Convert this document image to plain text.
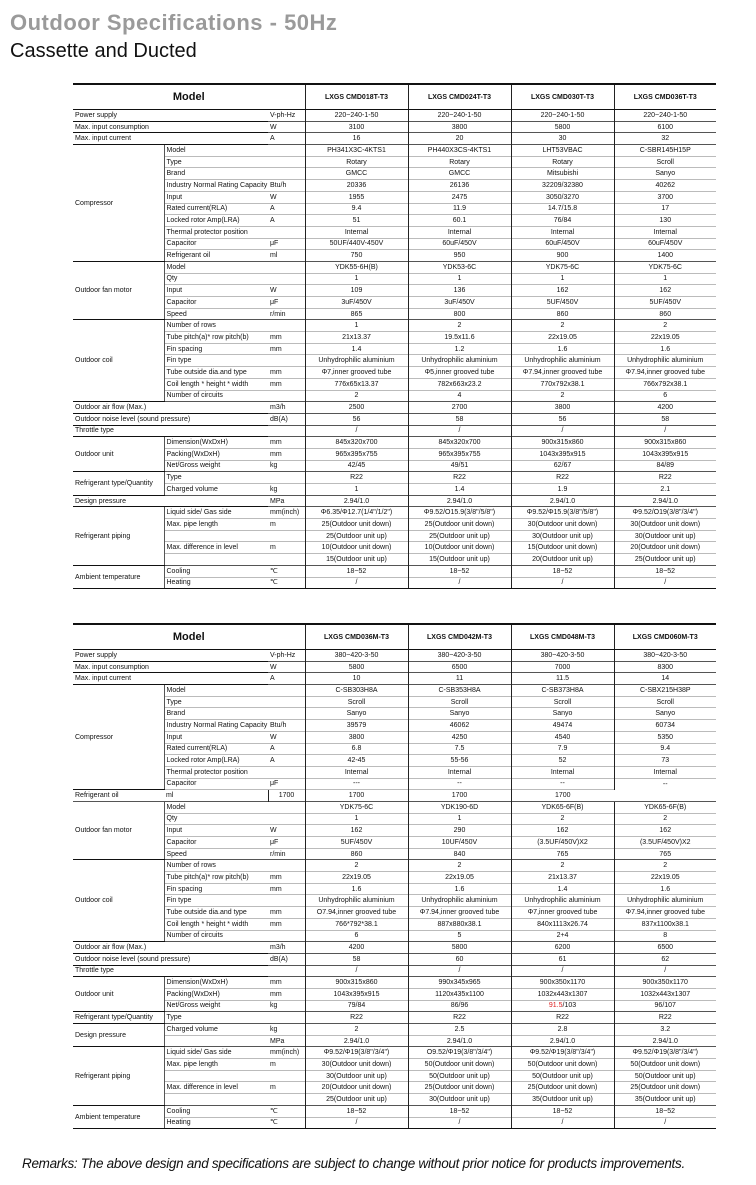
Outdoor Specifications - 50Hz
Cassette and Ducted
Model			LXGS CMD018T-T3	LXGS CMD024T-T3	LXGS CMD030T-T3	LXGS CMD036T-T3
Power supply		V-ph-Hz	220~240-1-50	220~240-1-50	220~240-1-50	220~240-1-50
Max. input consumption		W	3100	3800	5800	6100
Max. input current		A	16	20	30	32
Compressor	Model		PH341X3C-4KTS1	PH440X3CS-4KTS1	LHT53VBAC	C-SBR145H15P
	Type		Rotary	Rotary	Rotary	Scroll
	Brand		GMCC	GMCC	Mitsubishi	Sanyo
	Industry Normal Rating Capacity	Btu/h	20336	26136	32209/32380	40262
	Input	W	1955	2475	3050/3270	3700
	Rated current(RLA)	A	9.4	11.9	14.7/15.8	17
	Locked rotor Amp(LRA)	A	51	60.1	76/84	130
	Thermal protector position		Internal	Internal	Internal	Internal
	Capacitor	μF	50UF/440V-450V	60uF/450V	60uF/450V	60uF/450V
	Refrigerant oil	ml	750	950	900	1400
Outdoor fan motor	Model		YDK55-6H(B)	YDK53-6C	YDK75-6C	YDK75-6C
	Qty		1	1	1	1
	Input	W	109	136	162	162
	Capacitor	μF	3uF/450V	3uF/450V	5UF/450V	5UF/450V
	Speed	r/min	865	800	860	860
Outdoor coil	Number of rows		1	2	2	2
	Tube pitch(a)* row pitch(b)	mm	21x13.37	19.5x11.6	22x19.05	22x19.05
	Fin spacing	mm	1.4	1.2	1.6	1.6
	Fin type		Unhydrophilic aluminium	Unhydrophilic aluminium	Unhydrophilic aluminium	Unhydrophilic aluminium
	Tube outside dia.and type	mm	Φ7,inner grooved tube	Φ5,inner grooved tube	Φ7.94,inner grooved tube	Φ7.94,inner grooved tube
	Coil length * height * width	mm	776x65x13.37	782x663x23.2	770x792x38.1	766x792x38.1
	Number of circuits		2	4	2	6
Outdoor air flow (Max.)		m3/h	2500	2700	3800	4200
Outdoor noise level (sound pressure)		dB(A)	56	58	56	58
Throttle type			/	/	/	/
Outdoor unit	Dimension(WxDxH)	mm	845x320x700	845x320x700	900x315x860	900x315x860
	Packing(WxDxH)	mm	965x395x755	965x395x755	1043x395x915	1043x395x915
	Net/Gross weight	kg	42/45	49/51	62/67	84/89
Refrigerant type/Quantity	Type		R22	R22	R22	R22
	Charged volume	kg	1	1.4	1.9	2.1
Design pressure		MPa	2.94/1.0	2.94/1.0	2.94/1.0	2.94/1.0
Refrigerant piping	Liquid side/ Gas side	mm(inch)	Φ6.35/Φ12.7(1/4"/1/2")	Φ9.52/Ο15.9(3/8"/5/8")	Φ9.52/Φ15.9(3/8"/5/8")	Φ9.52/Ο19(3/8"/3/4")
	Max. pipe length	m	25(Outdoor unit down)	25(Outdoor unit down)	30(Outdoor unit down)	30(Outdoor unit down)
			25(Outdoor unit up)	25(Outdoor unit up)	30(Outdoor unit up)	30(Outdoor unit up)
	Max. difference in level	m	10(Outdoor unit down)	10(Outdoor unit down)	15(Outdoor unit down)	20(Outdoor unit down)
			15(Outdoor unit up)	15(Outdoor unit up)	20(Outdoor unit up)	25(Outdoor unit up)
Ambient temperature	Cooling	℃	18~52	18~52	18~52	18~52
	Heating	℃	/	/	/	/
Model			LXGS CMD036M-T3	LXGS CMD042M-T3	LXGS CMD048M-T3	LXGS CMD060M-T3
Power supply		V-ph-Hz	380~420-3-50	380~420-3-50	380~420-3-50	380~420-3-50
Max. input consumption		W	5800	6500	7000	8300
Max. input current		A	10	11	11.5	14
Compressor	Model		C-SB303H8A	C-SB353H8A	C-SB373H8A	C-SBX215H38P
	Type		Scroll	Scroll	Scroll	Scroll
	Brand		Sanyo	Sanyo	Sanyo	Sanyo
	Industry Normal Rating Capacity	Btu/h	39579	46062	49474	60734
	Input	W	3800	4250	4540	5350
	Rated current(RLA)	A	6.8	7.5	7.9	9.4
	Locked rotor Amp(LRA)	A	42-45	55-56	52	73
	Thermal protector position		Internal	Internal	Internal	Internal
	Capacitor	μF	---	--	--	--
Refrigerant oil	ml	1700	1700	1700	1700	
Outdoor fan motor	Model		YDK75-6C	YDK190-6D	YDK65-6F(B)	YDK65-6F(B)
	Qty		1	1	2	2
	Input	W	162	290	162	162
	Capacitor	μF	5UF/450V	10UF/450V	(3.5UF/450V)X2	(3.5UF/450V)X2
	Speed	r/min	860	840	765	765
Outdoor coil	Number of rows		2	2	2	2
	Tube pitch(a)* row pitch(b)	mm	22x19.05	22x19.05	21x13.37	22x19.05
	Fin spacing	mm	1.6	1.6	1.4	1.6
	Fin type		Unhydrophilic aluminium	Unhydrophilic aluminium	Unhydrophilic aluminium	Unhydrophilic aluminium
	Tube outside dia.and type	mm	Ο7.94,inner grooved tube	Φ7.94,inner grooved tube	Φ7,inner grooved tube	Φ7.94,inner grooved tube
	Coil length * height * width	mm	766*792*38.1	887x880x38.1	840x1113x26.74	837x1100x38.1
	Number of circuits		6	5	2+4	8
Outdoor air flow (Max.)		m3/h	4200	5800	6200	6500
Outdoor noise level (sound pressure)		dB(A)	58	60	61	62
Throttle type			/	/	/	/
Outdoor unit	Dimension(WxDxH)	mm	900x315x860	990x345x965	900x350x1170	900x350x1170
	Packing(WxDxH)	mm	1043x395x915	1120x435x1100	1032x443x1307	1032x443x1307
	Net/Gross weight	kg	79/84	86/96	91.5/103	96/107
Refrigerant type/Quantity	Type		R22	R22	R22	R22
Design pressure	Charged volume	kg	2	2.5	2.8	3.2
		MPa	2.94/1.0	2.94/1.0	2.94/1.0	2.94/1.0
Refrigerant piping	Liquid side/ Gas side	mm(inch)	Φ9.52/Φ19(3/8"/3/4")	Ο9.52/Φ19(3/8"/3/4")	Φ9.52/Φ19(3/8"/3/4")	Φ9.52/Φ19(3/8"/3/4")
	Max. pipe length	m	30(Outdoor unit down)	50(Outdoor unit down)	50(Outdoor unit down)	50(Outdoor unit down)
			30(Outdoor unit up)	50(Outdoor unit up)	50(Outdoor unit up)	50(Outdoor unit up)
	Max. difference in level	m	20(Outdoor unit down)	25(Outdoor unit down)	25(Outdoor unit down)	25(Outdoor unit down)
			25(Outdoor unit up)	30(Outdoor unit up)	35(Outdoor unit up)	35(Outdoor unit up)
Ambient temperature	Cooling	℃	18~52	18~52	18~52	18~52
	Heating	℃	/	/	/	/
Remarks: The above design and specifications are subject to change without prior notice for products improvements.
